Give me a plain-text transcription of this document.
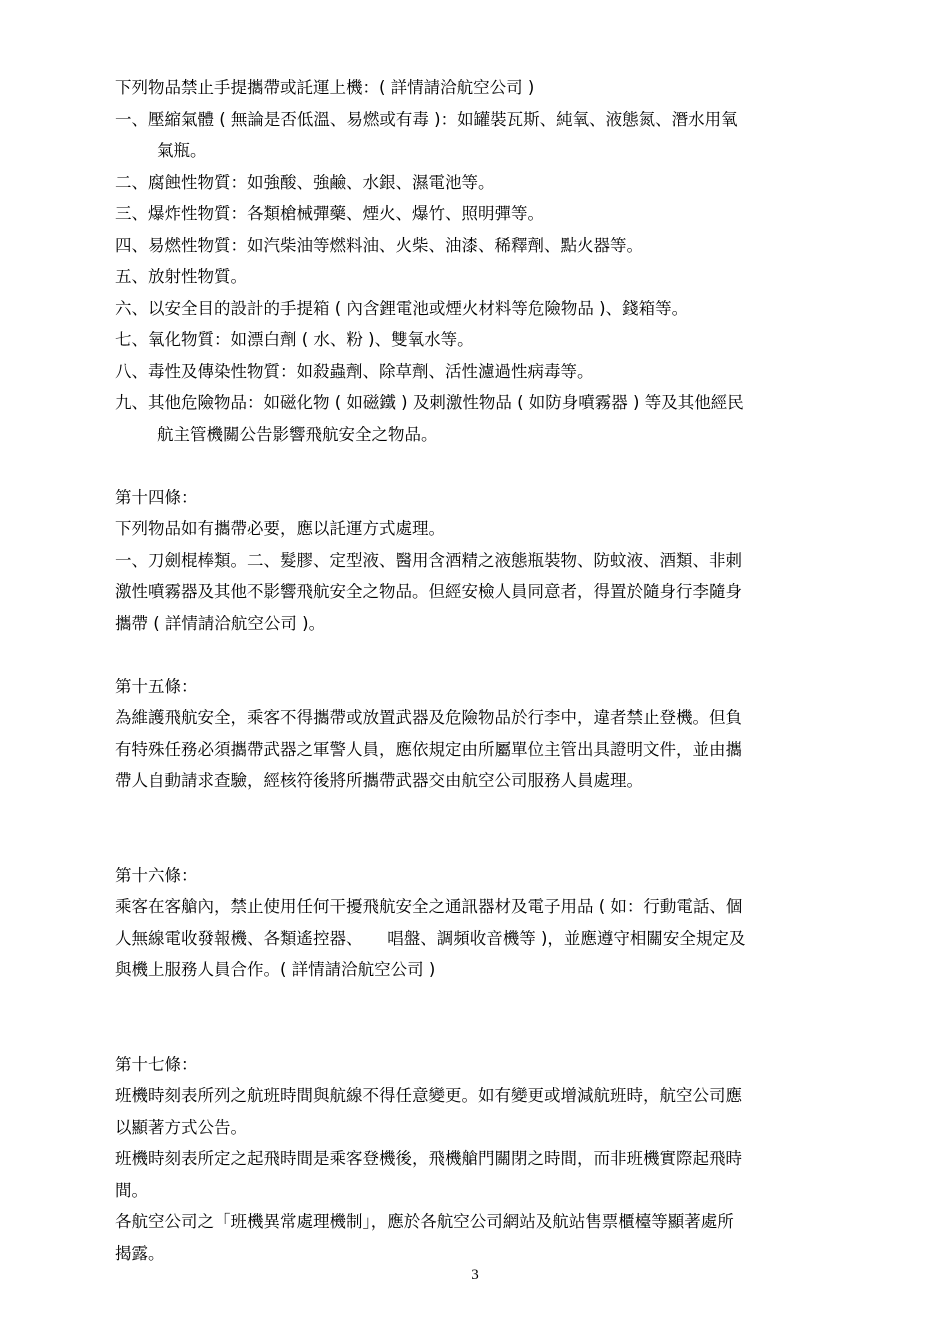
下列物品禁止手提攜帶或託運上機：( 詳情請洽航空公司 )
一、壓縮氣體 ( 無論是否低溫、易燃或有毒 )：如罐裝瓦斯、純氧、液態氮、潛水用氧
氣瓶。
二、腐蝕性物質：如強酸、強鹼、水銀、濕電池等。
三、爆炸性物質：各類槍械彈藥、煙火、爆竹、照明彈等。
四、易燃性物質：如汽柴油等燃料油、火柴、油漆、稀釋劑、點火器等。
五、放射性物質。
六、以安全目的設計的手提箱 ( 內含鋰電池或煙火材料等危險物品 )、錢箱等。
七、氧化物質：如漂白劑 ( 水、粉 )、雙氧水等。
八、毒性及傳染性物質：如殺蟲劑、除草劑、活性濾過性病毒等。
九、其他危險物品：如磁化物 ( 如磁鐵 ) 及刺激性物品 ( 如防身噴霧器 ) 等及其他經民
航主管機關公告影響飛航安全之物品。
第十四條：
下列物品如有攜帶必要，應以託運方式處理。
一、刀劍棍棒類。二、髮膠、定型液、醫用含酒精之液態瓶裝物、防蚊液、酒類、非刺
激性噴霧器及其他不影響飛航安全之物品。但經安檢人員同意者，得置於隨身行李隨身
攜帶 ( 詳情請洽航空公司 )。
第十五條：
為維護飛航安全，乘客不得攜帶或放置武器及危險物品於行李中，違者禁止登機。但負
有特殊任務必須攜帶武器之軍警人員，應依規定由所屬單位主管出具證明文件，並由攜
帶人自動請求查驗，經核符後將所攜帶武器交由航空公司服務人員處理。
第十六條：
乘客在客艙內，禁止使用任何干擾飛航安全之通訊器材及電子用品 ( 如：行動電話、個
人無線電收發報機、各類遙控器、　　唱盤、調頻收音機等 )，並應遵守相關安全規定及
與機上服務人員合作。( 詳情請洽航空公司 )
第十七條：
班機時刻表所列之航班時間與航線不得任意變更。如有變更或增減航班時，航空公司應
以顯著方式公告。
班機時刻表所定之起飛時間是乘客登機後，飛機艙門關閉之時間，而非班機實際起飛時
間。
各航空公司之「班機異常處理機制」，應於各航空公司網站及航站售票櫃檯等顯著處所
揭露。
3
